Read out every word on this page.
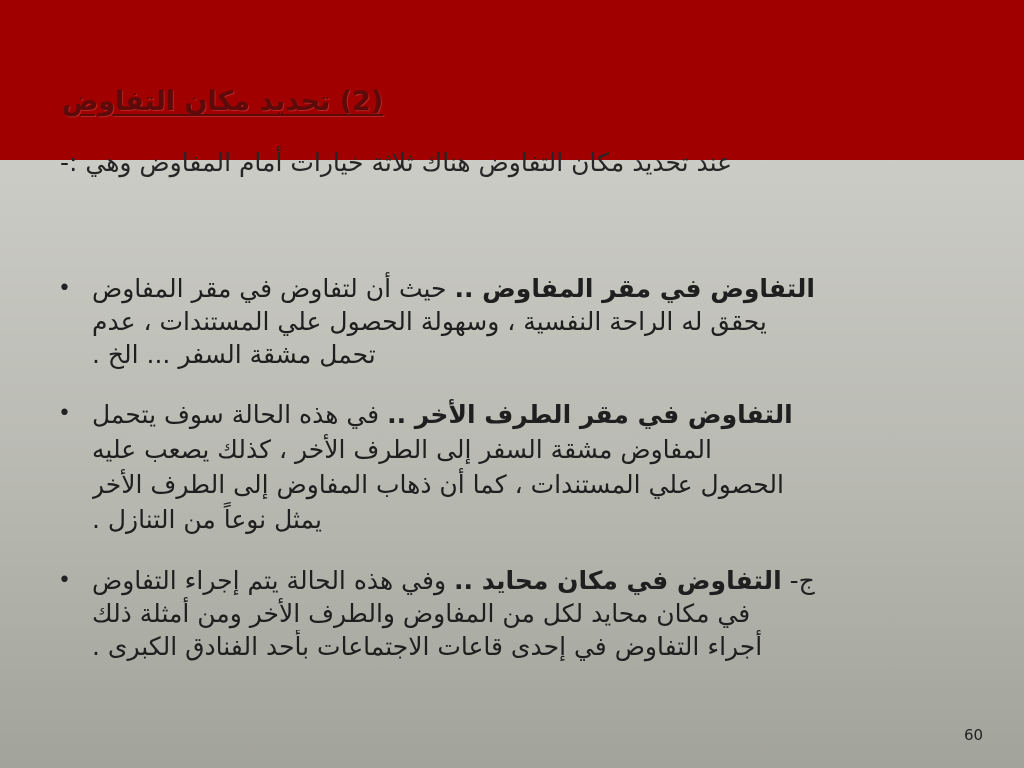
تحديد مكان التفاوض (2)
عند تحديد مكان التفاوض هناك ثلاثة خيارات أمام المفاوض وهي :-
•	التفاوض في مقر المفاوض .. حيث أن لتفاوض في مقر المفاوض
يحقق له الراحة النفسية ، وسهولة الحصول علي المستندات ، عدم
تحمل مشقة السفر ... الخ .
•	التفاوض في مقر الطرف الأخر .. في هذه الحالة سوف يتحمل
المفاوض مشقة السفر إلى الطرف الأخر ، كذلك يصعب عليه
الحصول علي المستندات ، كما أن ذهاب المفاوض إلى الطرف الأخر
يمثل نوعاً من التنازل .
•	ج- التفاوض في مكان محايد .. وفي هذه الحالة يتم إجراء التفاوض
في مكان محايد لكل من المفاوض والطرف الأخر ومن أمثلة ذلك
أجراء التفاوض في إحدى قاعات الاجتماعات بأحد الفنادق الكبرى .
60
